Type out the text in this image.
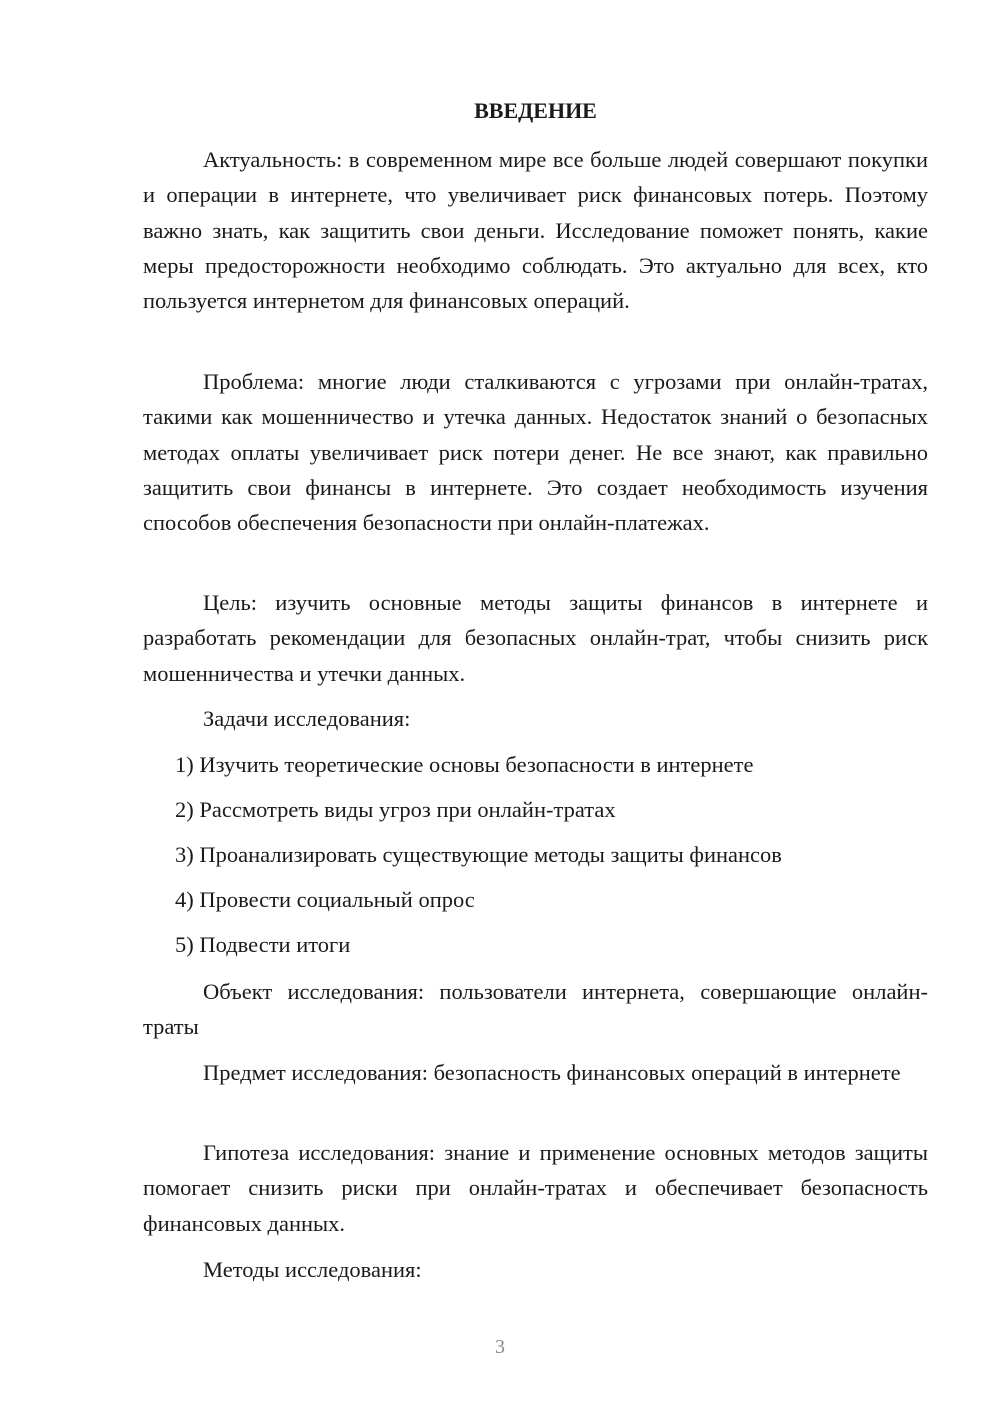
ВВЕДЕНИЕ

Актуальность: в современном мире все больше людей совершают покупки и операции в интернете, что увеличивает риск финансовых потерь. Поэтому важно знать, как защитить свои деньги. Исследование поможет понять, какие меры предосторожности необходимо соблюдать. Это актуально для всех, кто пользуется интернетом для финансовых операций.

Проблема: многие люди сталкиваются с угрозами при онлайн-тратах, такими как мошенничество и утечка данных. Недостаток знаний о безопасных методах оплаты увеличивает риск потери денег. Не все знают, как правильно защитить свои финансы в интернете. Это создает необходимость изучения способов обеспечения безопасности при онлайн-платежах.

Цель: изучить основные методы защиты финансов в интернете и разработать рекомендации для безопасных онлайн-трат, чтобы снизить риск мошенничества и утечки данных.

Задачи исследования:

1) Изучить теоретические основы безопасности в интернете

2) Рассмотреть виды угроз при онлайн-тратах

3) Проанализировать существующие методы защиты финансов

4) Провести социальный опрос

5) Подвести итоги

Объект исследования: пользователи интернета, совершающие онлайн-траты

Предмет исследования: безопасность финансовых операций в интернете

Гипотеза исследования: знание и применение основных методов защиты помогает снизить риски при онлайн-тратах и обеспечивает безопасность финансовых данных.

Методы исследования:

3
